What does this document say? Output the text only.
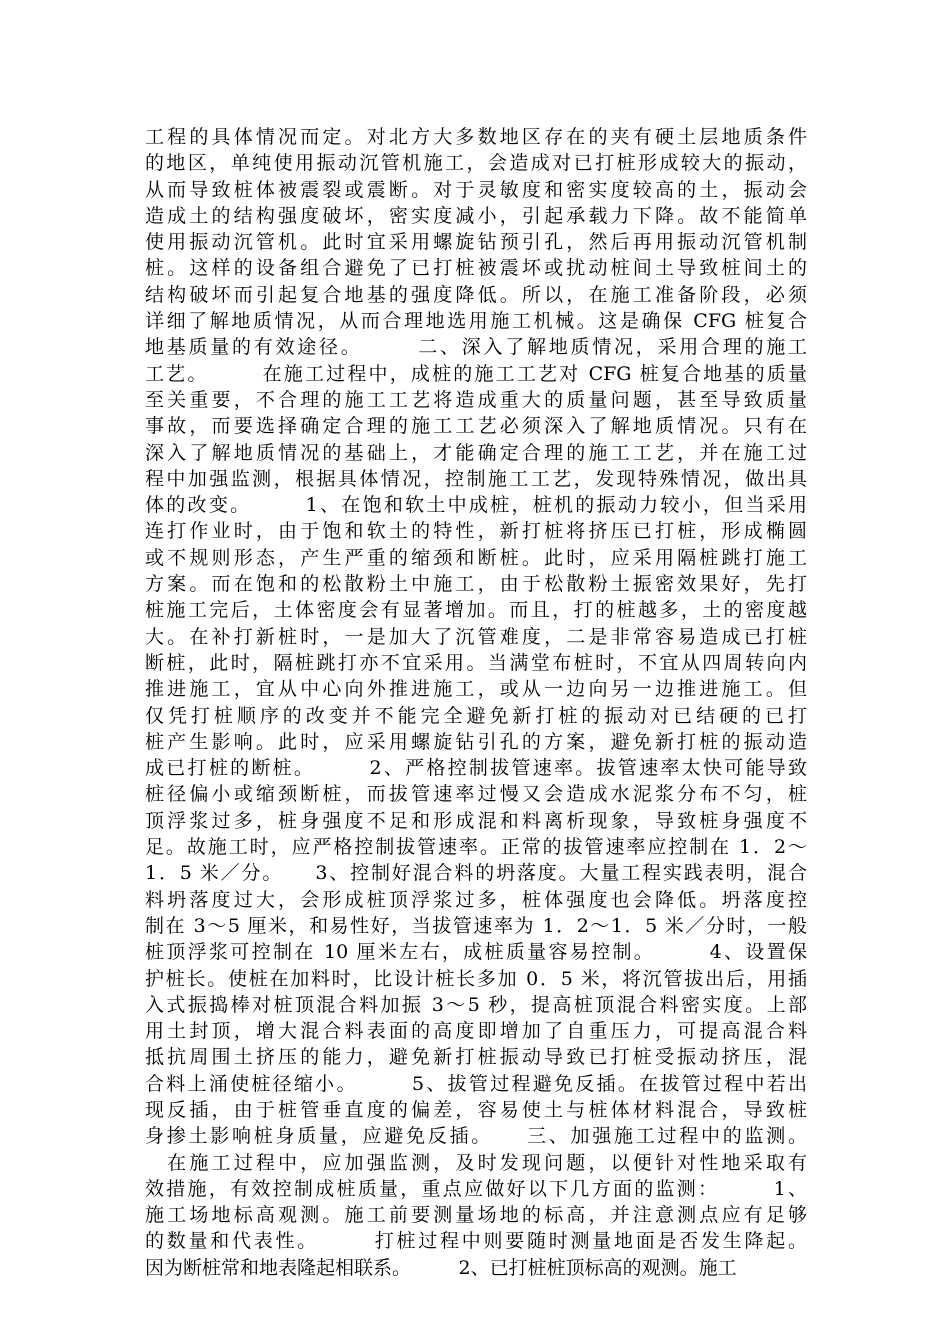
工程的具体情况而定。对北方大多数地区存在的夹有硬土层地质条件
的地区，单纯使用振动沉管机施工，会造成对已打桩形成较大的振动，
从而导致桩体被震裂或震断。对于灵敏度和密实度较高的土，振动会
造成土的结构强度破坏，密实度减小，引起承载力下降。故不能简单
使用振动沉管机。此时宜采用螺旋钻预引孔，然后再用振动沉管机制
桩。这样的设备组合避免了已打桩被震坏或扰动桩间土导致桩间土的
结构破坏而引起复合地基的强度降低。所以，在施工准备阶段，必须
详细了解地质情况，从而合理地选用施工机械。这是确保 CFG 桩复合
地基质量的有效途径。　　　二、深入了解地质情况，采用合理的施工
工艺。　　　在施工过程中，成桩的施工工艺对 CFG 桩复合地基的质量
至关重要，不合理的施工工艺将造成重大的质量问题，甚至导致质量
事故，而要选择确定合理的施工工艺必须深入了解地质情况。只有在
深入了解地质情况的基础上，才能确定合理的施工工艺，并在施工过
程中加强监测，根据具体情况，控制施工工艺，发现特殊情况，做出具
体的改变。　　　1、在饱和软土中成桩，桩机的振动力较小，但当采用
连打作业时，由于饱和软土的特性，新打桩将挤压已打桩，形成椭圆
或不规则形态，产生严重的缩颈和断桩。此时，应采用隔桩跳打施工
方案。而在饱和的松散粉土中施工，由于松散粉土振密效果好，先打
桩施工完后，土体密度会有显著增加。而且，打的桩越多，土的密度越
大。在补打新桩时，一是加大了沉管难度，二是非常容易造成已打桩
断桩，此时，隔桩跳打亦不宜采用。当满堂布桩时，不宜从四周转向内
推进施工，宜从中心向外推进施工，或从一边向另一边推进施工。但
仅凭打桩顺序的改变并不能完全避免新打桩的振动对已结硬的已打
桩产生影响。此时，应采用螺旋钻引孔的方案，避免新打桩的振动造
成已打桩的断桩。　　　2、严格控制拔管速率。拔管速率太快可能导致
桩径偏小或缩颈断桩，而拔管速率过慢又会造成水泥浆分布不匀，桩
顶浮浆过多，桩身强度不足和形成混和料离析现象，导致桩身强度不
足。故施工时，应严格控制拔管速率。正常的拔管速率应控制在 1．2～
1．5 米／分。　　3、控制好混合料的坍落度。大量工程实践表明，混合
料坍落度过大，会形成桩顶浮浆过多，桩体强度也会降低。坍落度控
制在 3～5 厘米，和易性好，当拔管速率为 1．2～1．5 米／分时，一般
桩顶浮浆可控制在 10 厘米左右，成桩质量容易控制。　　　4、设置保
护桩长。使桩在加料时，比设计桩长多加 0．5 米，将沉管拔出后，用插
入式振捣棒对桩顶混合料加振 3～5 秒，提高桩顶混合料密实度。上部
用土封顶，增大混合料表面的高度即增加了自重压力，可提高混合料
抵抗周围土挤压的能力，避免新打桩振动导致已打桩受振动挤压，混
合料上涌使桩径缩小。　　　5、拔管过程避免反插。在拔管过程中若出
现反插，由于桩管垂直度的偏差，容易使土与桩体材料混合，导致桩
身掺土影响桩身质量，应避免反插。　　三、加强施工过程中的监测。
　在施工过程中，应加强监测，及时发现问题，以便针对性地采取有
效措施，有效控制成桩质量，重点应做好以下几方面的监测：　　　1、
施工场地标高观测。施工前要测量场地的标高，并注意测点应有足够
的数量和代表性。　　　打桩过程中则要随时测量地面是否发生降起。
因为断桩常和地表隆起相联系。　　　2、已打桩桩顶标高的观测。施工
